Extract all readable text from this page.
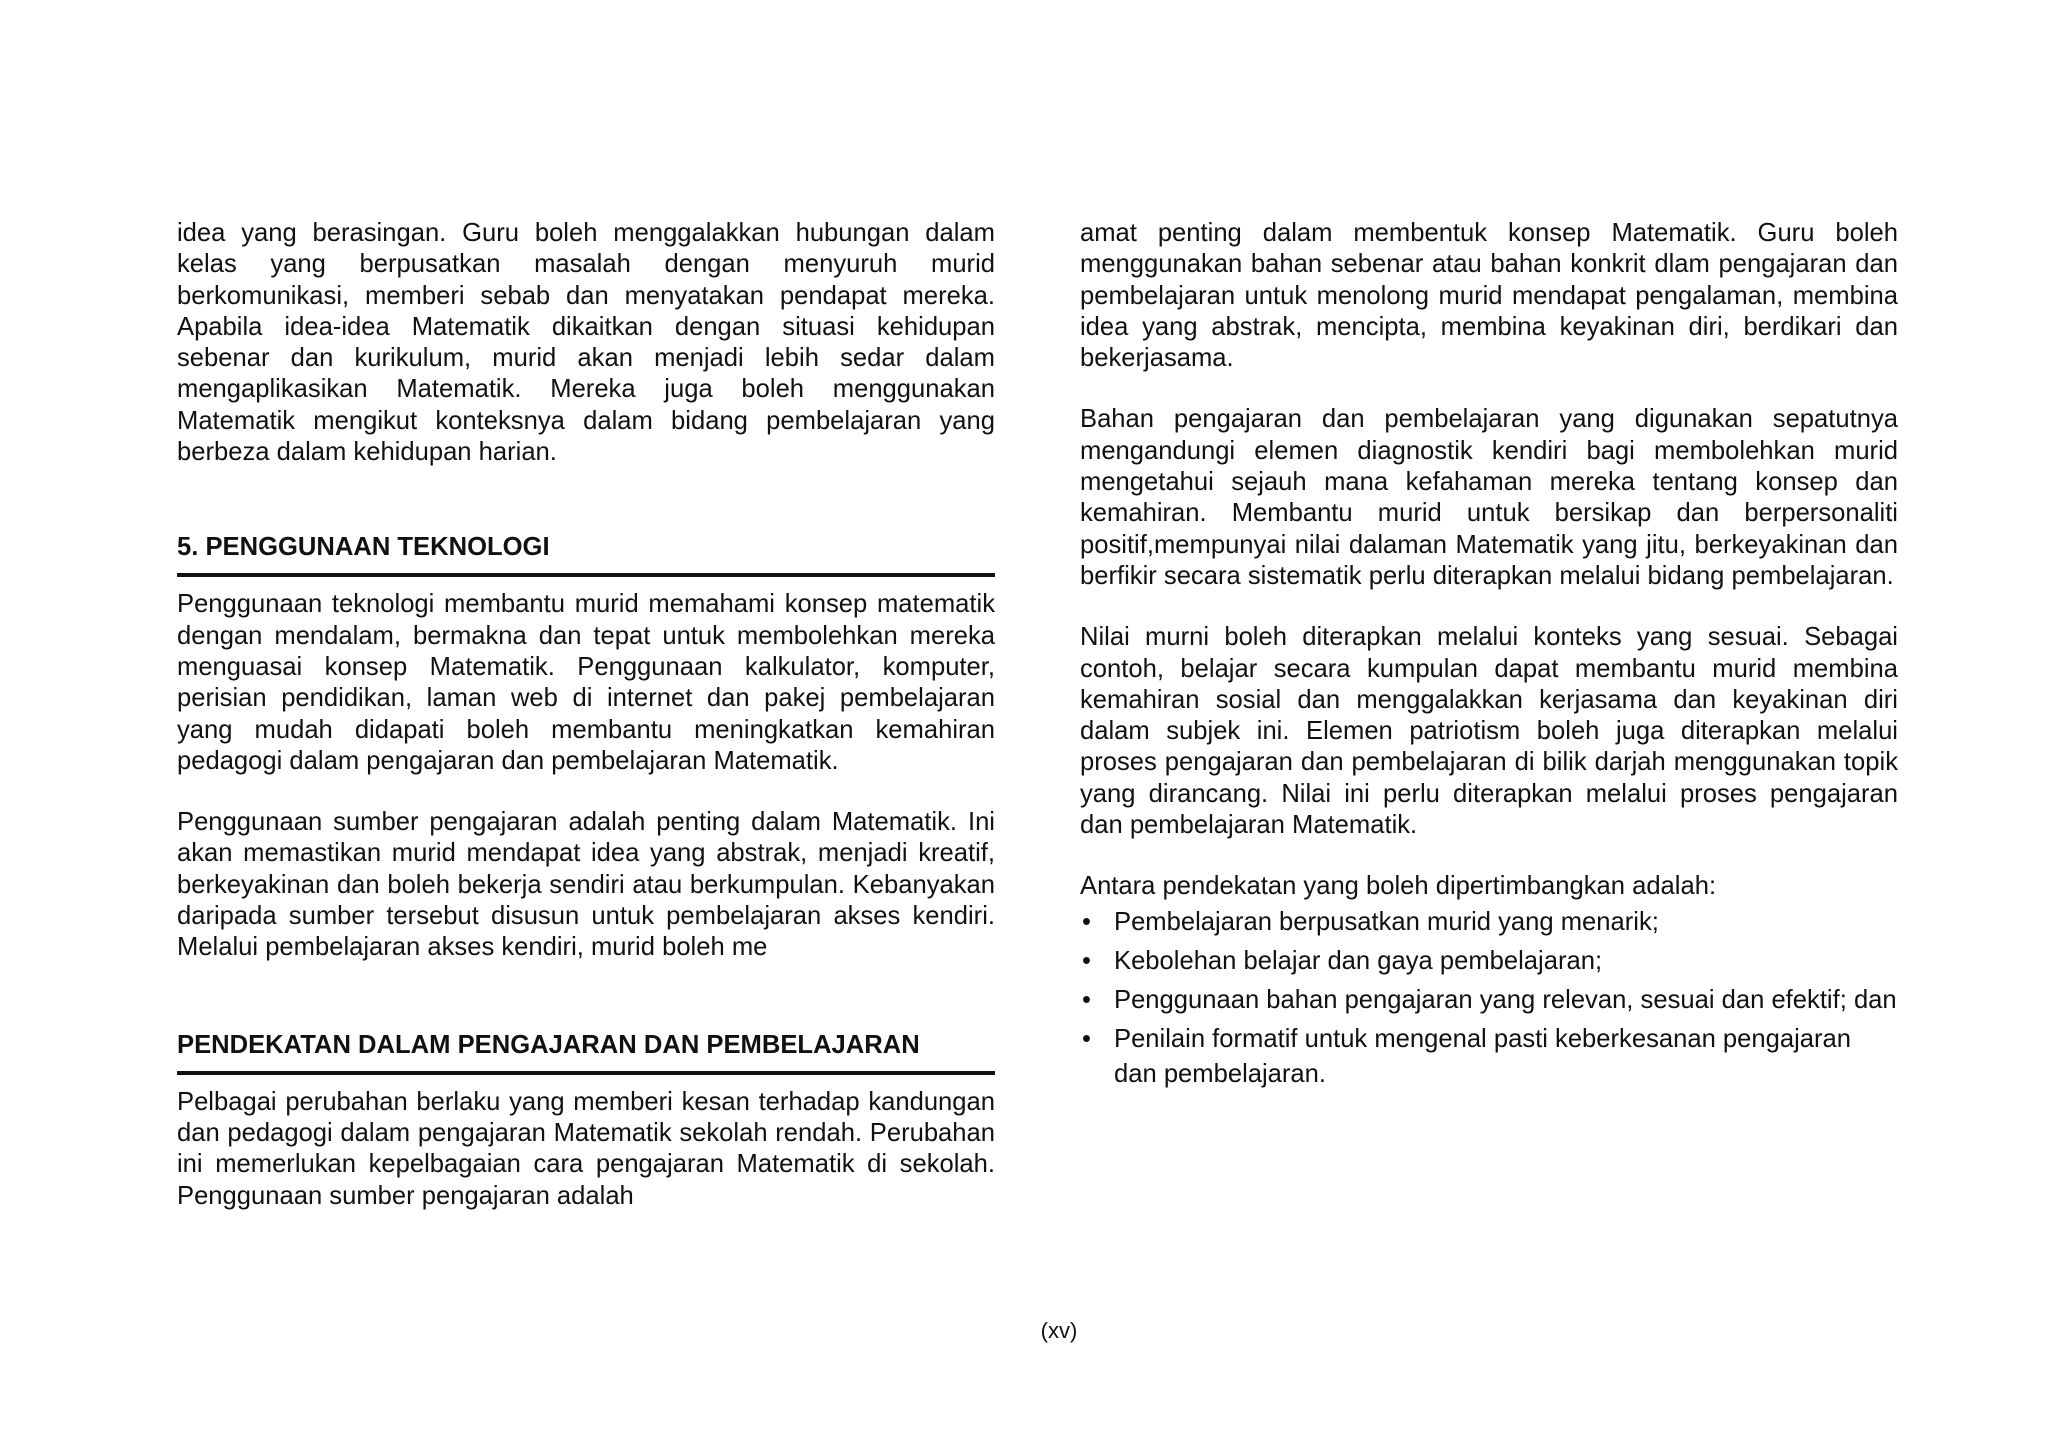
idea yang berasingan. Guru boleh menggalakkan hubungan dalam kelas yang berpusatkan masalah dengan menyuruh murid berkomunikasi, memberi sebab dan menyatakan pendapat mereka. Apabila idea-idea Matematik dikaitkan dengan situasi kehidupan sebenar dan kurikulum, murid akan menjadi lebih sedar dalam mengaplikasikan Matematik. Mereka juga boleh menggunakan Matematik mengikut konteksnya dalam bidang pembelajaran yang berbeza dalam kehidupan harian.

5. PENGGUNAAN TEKNOLOGI

Penggunaan teknologi membantu murid memahami konsep matematik dengan mendalam, bermakna dan tepat untuk membolehkan mereka menguasai konsep Matematik. Penggunaan kalkulator, komputer, perisian pendidikan, laman web di internet dan pakej pembelajaran yang mudah didapati boleh membantu meningkatkan kemahiran pedagogi dalam pengajaran dan pembelajaran Matematik.

Penggunaan sumber pengajaran adalah penting dalam Matematik. Ini akan memastikan murid mendapat idea yang abstrak, menjadi kreatif, berkeyakinan dan boleh bekerja sendiri atau berkumpulan. Kebanyakan daripada sumber tersebut disusun untuk pembelajaran akses kendiri. Melalui pembelajaran akses kendiri, murid boleh me

PENDEKATAN DALAM PENGAJARAN DAN PEMBELAJARAN

Pelbagai perubahan berlaku yang memberi kesan terhadap kandungan dan pedagogi dalam pengajaran Matematik sekolah rendah. Perubahan ini memerlukan kepelbagaian cara pengajaran Matematik di sekolah. Penggunaan sumber pengajaran adalah

amat penting dalam membentuk konsep Matematik. Guru boleh menggunakan bahan sebenar atau bahan konkrit dlam pengajaran dan pembelajaran untuk menolong murid mendapat pengalaman, membina idea yang abstrak, mencipta, membina keyakinan diri, berdikari dan bekerjasama.

Bahan pengajaran dan pembelajaran yang digunakan sepatutnya mengandungi elemen diagnostik kendiri bagi membolehkan murid mengetahui sejauh mana kefahaman mereka tentang konsep dan kemahiran. Membantu murid untuk bersikap dan berpersonaliti positif,mempunyai nilai dalaman Matematik yang jitu, berkeyakinan dan berfikir secara sistematik perlu diterapkan melalui bidang pembelajaran.

Nilai murni boleh diterapkan melalui konteks yang sesuai. Sebagai contoh, belajar secara kumpulan dapat membantu murid membina kemahiran sosial dan menggalakkan kerjasama dan keyakinan diri dalam subjek ini. Elemen patriotism boleh juga diterapkan melalui proses pengajaran dan pembelajaran di bilik darjah menggunakan topik yang dirancang. Nilai ini perlu diterapkan melalui proses pengajaran dan pembelajaran Matematik.

Antara pendekatan yang boleh dipertimbangkan adalah:

• Pembelajaran berpusatkan murid yang menarik;
• Kebolehan belajar dan gaya pembelajaran;
• Penggunaan bahan pengajaran yang relevan, sesuai dan efektif; dan
• Penilain formatif untuk mengenal pasti keberkesanan pengajaran dan pembelajaran.
(xv)
